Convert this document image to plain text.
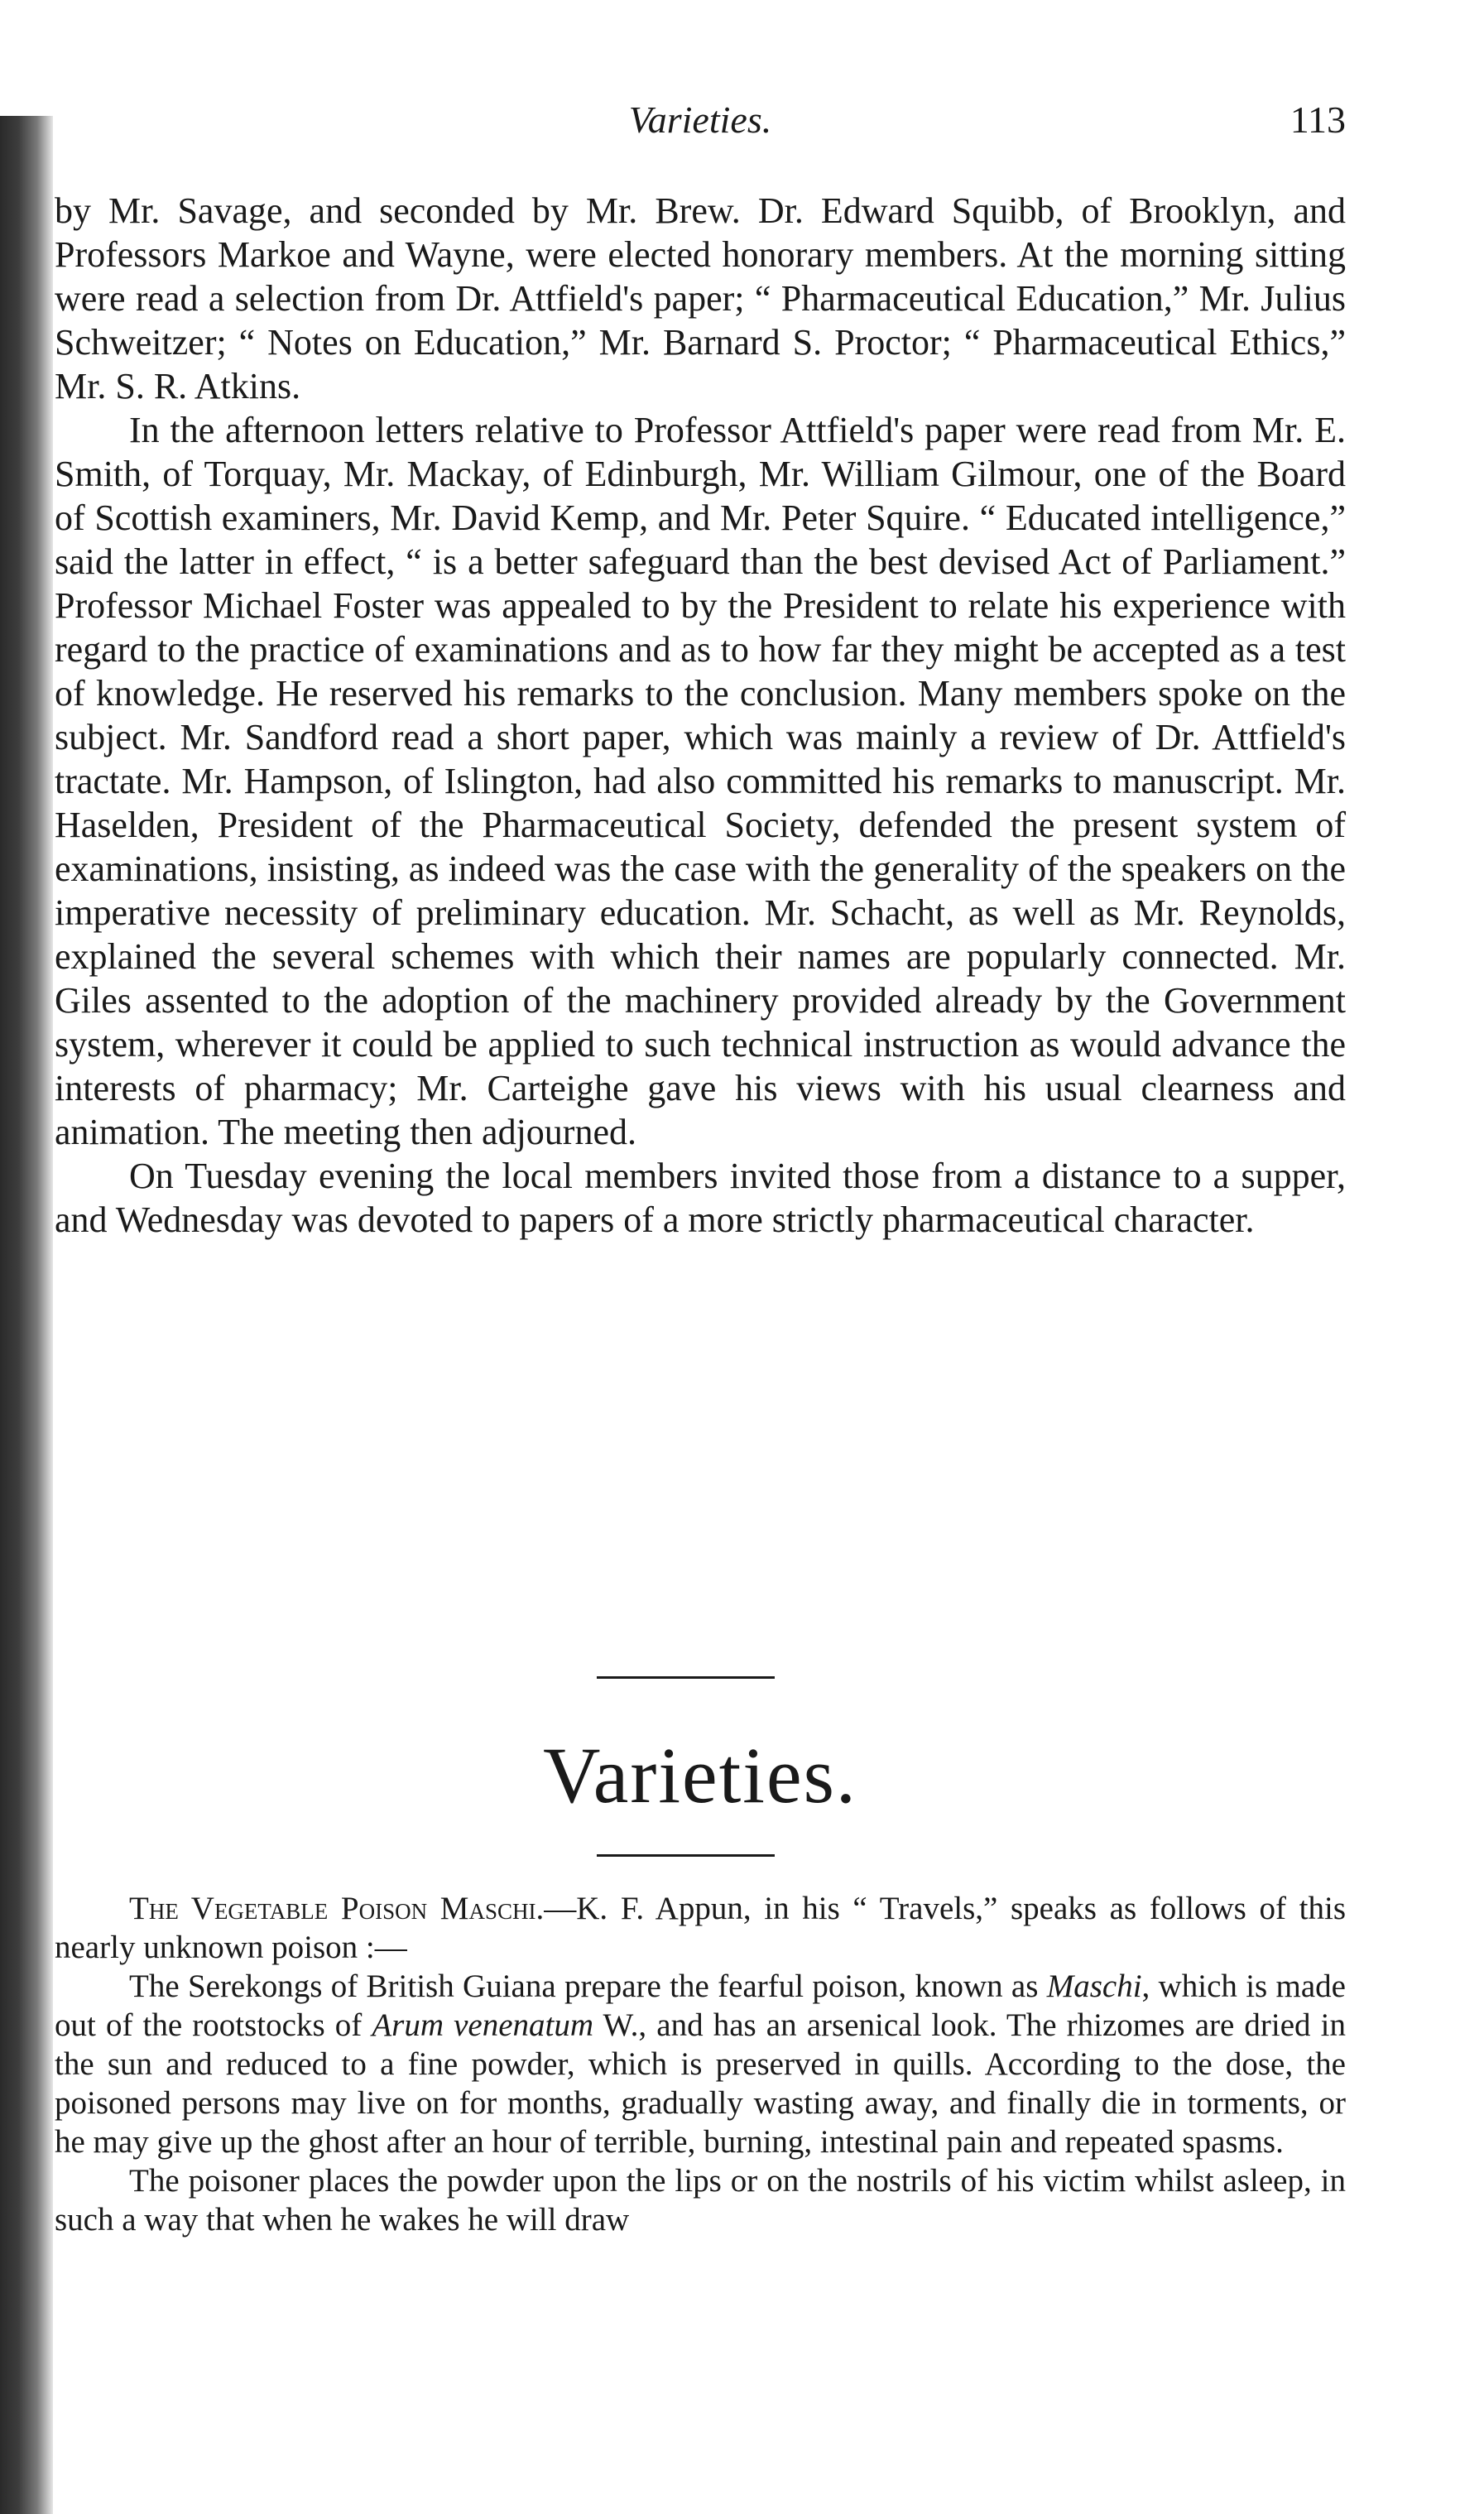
Varieties.	113

by Mr. Savage, and seconded by Mr. Brew. Dr. Edward Squibb, of Brooklyn, and Professors Markoe and Wayne, were elected honorary members. At the morning sitting were read a selection from Dr. Attfield's paper; “ Pharmaceutical Education,” Mr. Julius Schweitzer; “ Notes on Education,” Mr. Barnard S. Proctor; “ Pharmaceutical Ethics,” Mr. S. R. Atkins.

In the afternoon letters relative to Professor Attfield's paper were read from Mr. E. Smith, of Torquay, Mr. Mackay, of Edinburgh, Mr. William Gilmour, one of the Board of Scottish examiners, Mr. David Kemp, and Mr. Peter Squire. “ Educated intelligence,” said the latter in effect, “ is a better safeguard than the best devised Act of Parliament.” Professor Michael Foster was appealed to by the President to relate his experience with regard to the practice of examinations and as to how far they might be accepted as a test of knowledge. He reserved his remarks to the conclusion. Many members spoke on the subject. Mr. Sandford read a short paper, which was mainly a review of Dr. Attfield's tractate. Mr. Hampson, of Islington, had also committed his remarks to manuscript. Mr. Haselden, President of the Pharmaceutical Society, defended the present system of examinations, insisting, as indeed was the case with the generality of the speakers on the imperative necessity of preliminary education. Mr. Schacht, as well as Mr. Reynolds, explained the several schemes with which their names are popularly connected. Mr. Giles assented to the adoption of the machinery provided already by the Government system, wherever it could be applied to such technical instruction as would advance the interests of pharmacy; Mr. Carteighe gave his views with his usual clearness and animation. The meeting then adjourned.

On Tuesday evening the local members invited those from a distance to a supper, and Wednesday was devoted to papers of a more strictly pharmaceutical character.

Varieties.

The Vegetable Poison Maschi.—K. F. Appun, in his “ Travels,” speaks as follows of this nearly unknown poison :—

The Serekongs of British Guiana prepare the fearful poison, known as Maschi, which is made out of the rootstocks of Arum venenatum W., and has an arsenical look. The rhizomes are dried in the sun and reduced to a fine powder, which is preserved in quills. According to the dose, the poisoned persons may live on for months, gradually wasting away, and finally die in torments, or he may give up the ghost after an hour of terrible, burning, intestinal pain and repeated spasms.

The poisoner places the powder upon the lips or on the nostrils of his victim whilst asleep, in such a way that when he wakes he will draw
